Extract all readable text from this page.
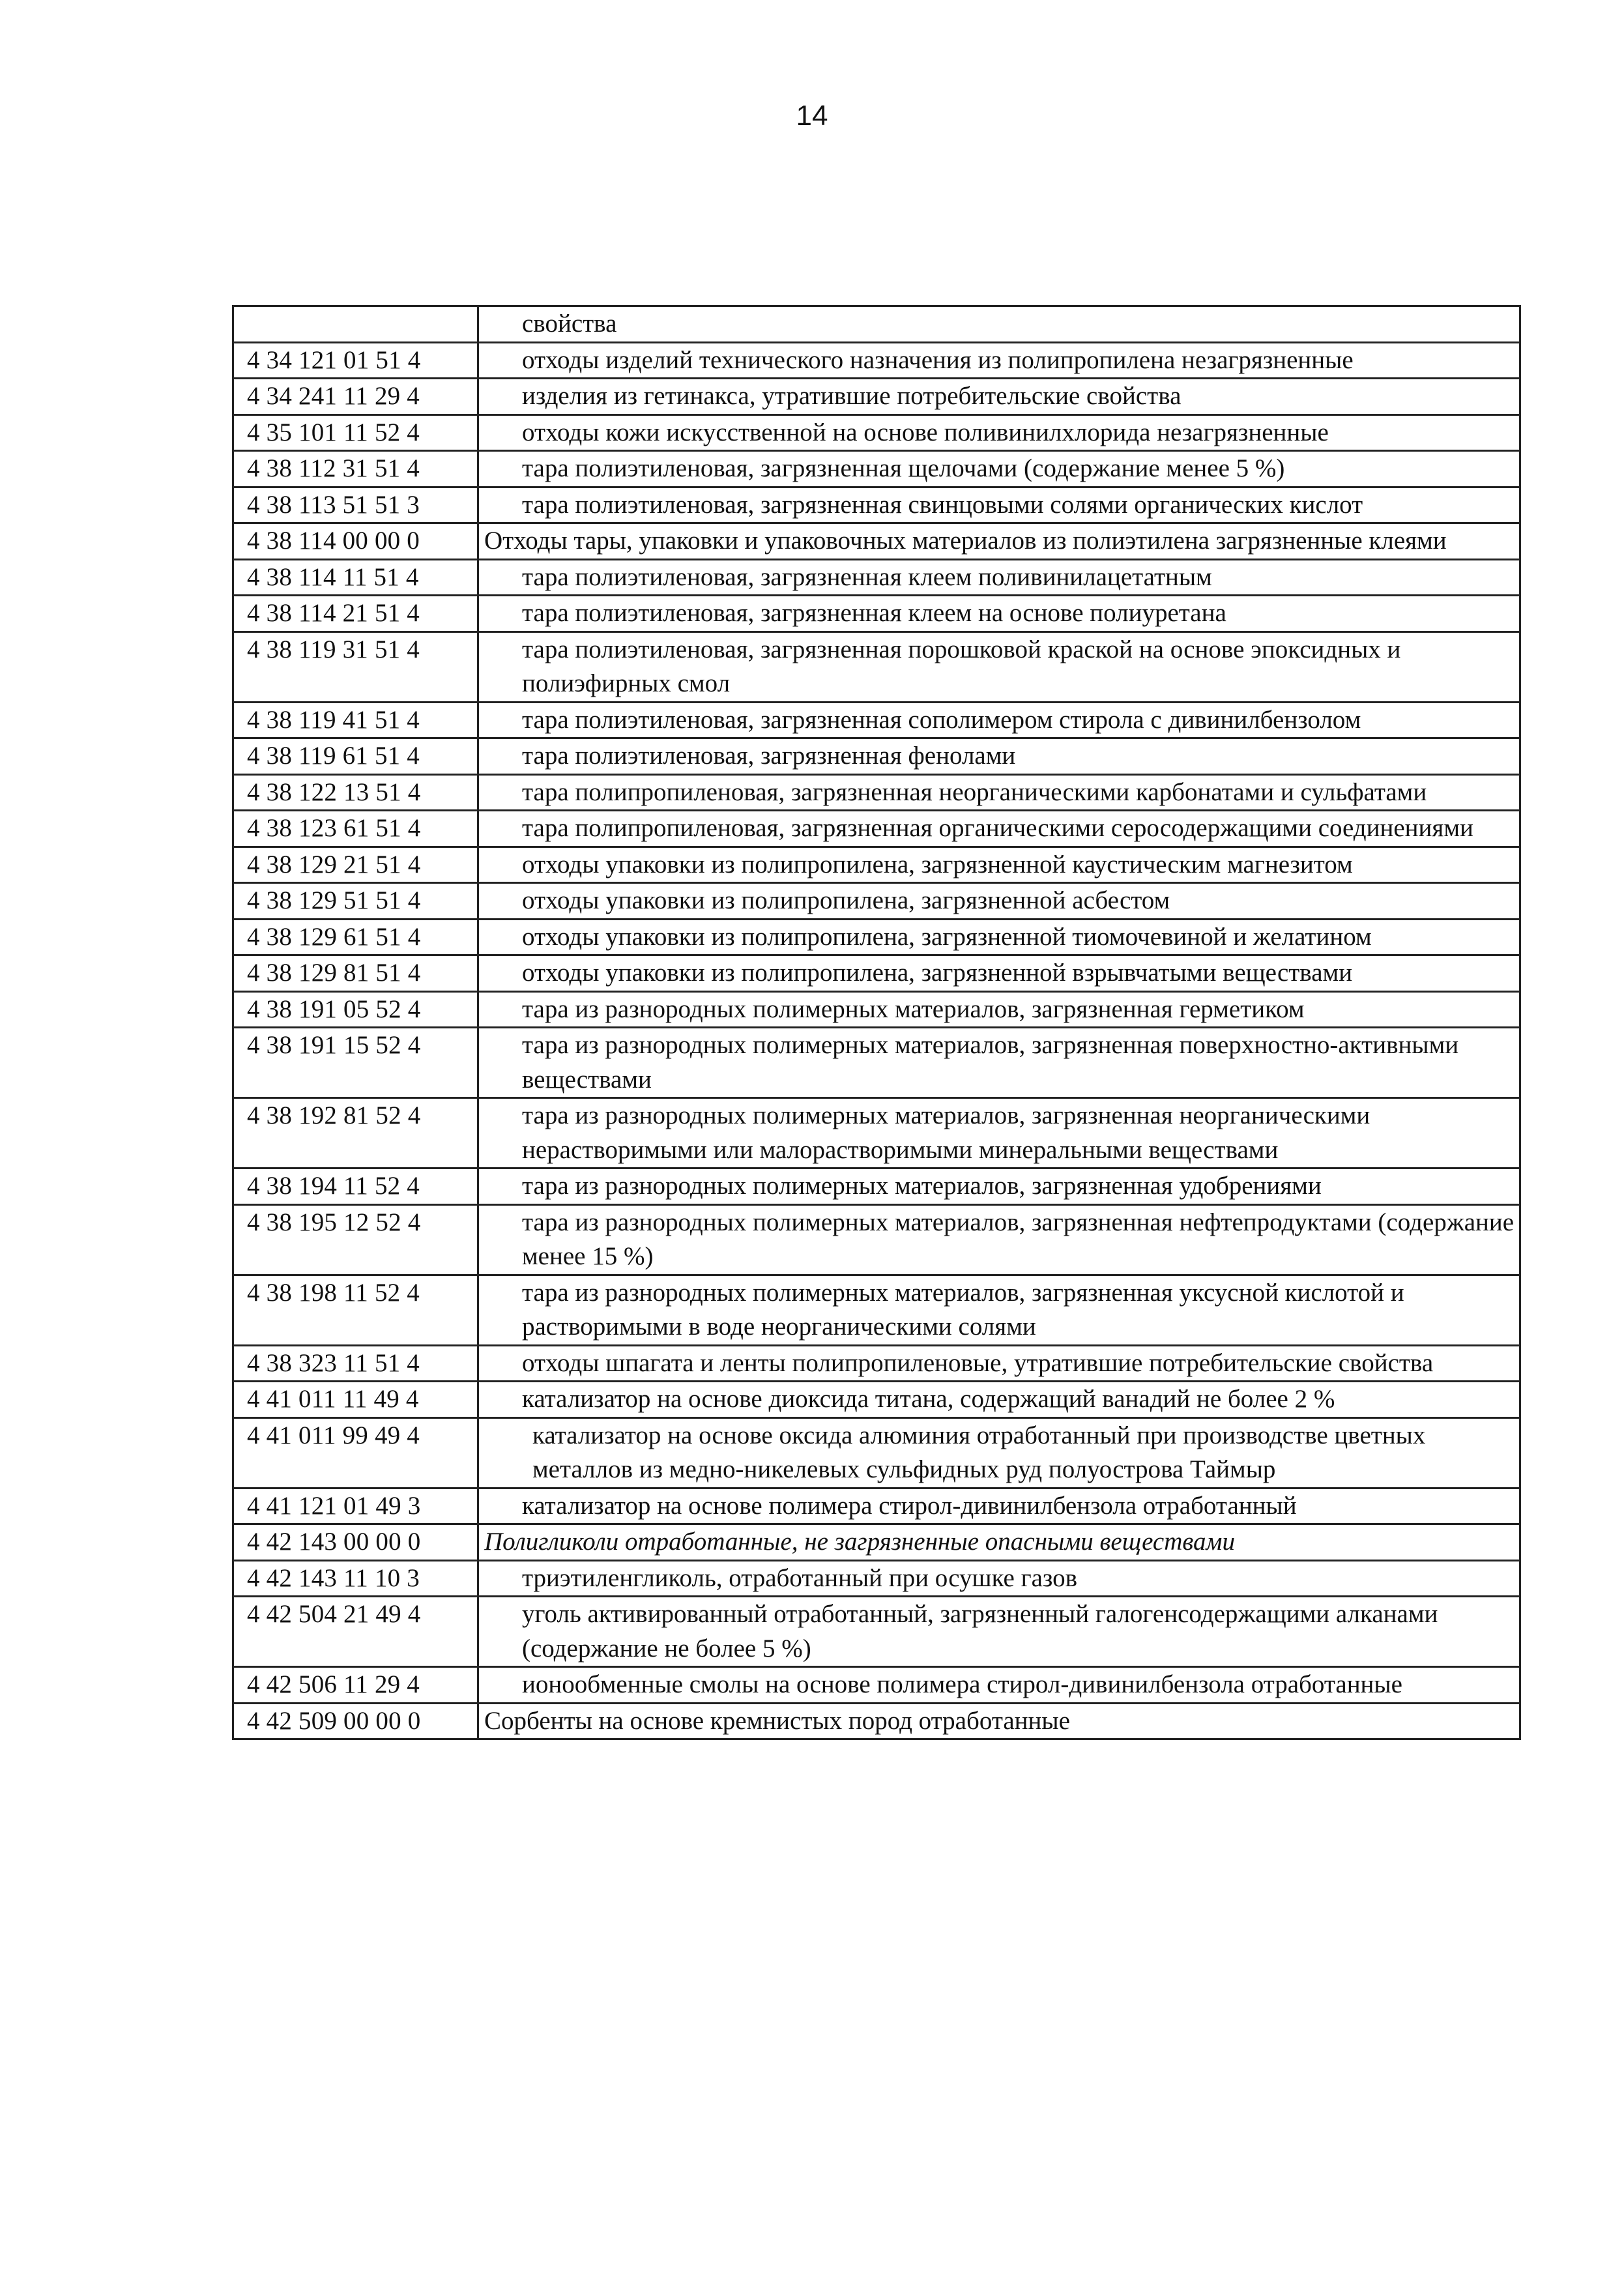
14
	свойства
4 34 121 01 51 4	отходы изделий технического назначения из полипропилена незагрязненные
4 34 241 11 29 4	изделия из гетинакса, утратившие потребительские свойства
4 35 101 11 52 4	отходы кожи искусственной на основе поливинилхлорида незагрязненные
4 38 112 31 51 4	тара полиэтиленовая, загрязненная щелочами (содержание менее 5 %)
4 38 113 51 51 3	тара полиэтиленовая, загрязненная свинцовыми солями органических кислот
4 38 114 00 00 0	Отходы тары, упаковки и упаковочных материалов из полиэтилена загрязненные клеями
4 38 114 11 51 4	тара полиэтиленовая, загрязненная клеем поливинилацетатным
4 38 114 21 51 4	тара полиэтиленовая, загрязненная клеем на основе полиуретана
4 38 119 31 51 4	тара полиэтиленовая, загрязненная порошковой краской на основе эпоксидных и полиэфирных смол
4 38 119 41 51 4	тара полиэтиленовая, загрязненная сополимером стирола с дивинилбензолом
4 38 119 61 51 4	тара полиэтиленовая, загрязненная фенолами
4 38 122 13 51 4	тара полипропиленовая, загрязненная неорганическими карбонатами и сульфатами
4 38 123 61 51 4	тара полипропиленовая, загрязненная органическими серосодержащими соединениями
4 38 129 21 51 4	отходы упаковки из полипропилена, загрязненной каустическим магнезитом
4 38 129 51 51 4	отходы упаковки из полипропилена, загрязненной асбестом
4 38 129 61 51 4	отходы упаковки из полипропилена, загрязненной тиомочевиной и желатином
4 38 129 81 51 4	отходы упаковки из полипропилена, загрязненной взрывчатыми веществами
4 38 191 05 52 4	тара из разнородных полимерных материалов, загрязненная герметиком
4 38 191 15 52 4	тара из разнородных полимерных материалов, загрязненная поверхностно-активными веществами
4 38 192 81 52 4	тара из разнородных полимерных материалов, загрязненная неорганическими нерастворимыми или малорастворимыми минеральными веществами
4 38 194 11 52 4	тара из разнородных полимерных материалов, загрязненная удобрениями
4 38 195 12 52 4	тара из разнородных полимерных материалов, загрязненная нефтепродуктами (содержание менее 15 %)
4 38 198 11 52 4	тара из разнородных полимерных материалов, загрязненная уксусной кислотой и растворимыми в воде неорганическими солями
4 38 323 11 51 4	отходы шпагата и ленты полипропиленовые, утратившие потребительские свойства
4 41 011 11 49 4	катализатор на основе диоксида титана, содержащий ванадий не более 2 %
4 41 011 99 49 4	катализатор на основе оксида алюминия отработанный при производстве цветных металлов из медно-никелевых сульфидных руд полуострова Таймыр
4 41 121 01 49 3	катализатор на основе полимера стирол-дивинилбензола отработанный
4 42 143 00 00 0	Полигликоли отработанные, не загрязненные опасными веществами
4 42 143 11 10 3	триэтиленгликоль, отработанный при осушке газов
4 42 504 21 49 4	уголь активированный отработанный, загрязненный галогенсодержащими алканами (содержание не более 5 %)
4 42 506 11 29 4	ионообменные смолы на основе полимера стирол-дивинилбензола отработанные
4 42 509 00 00 0	Сорбенты на основе кремнистых пород отработанные
